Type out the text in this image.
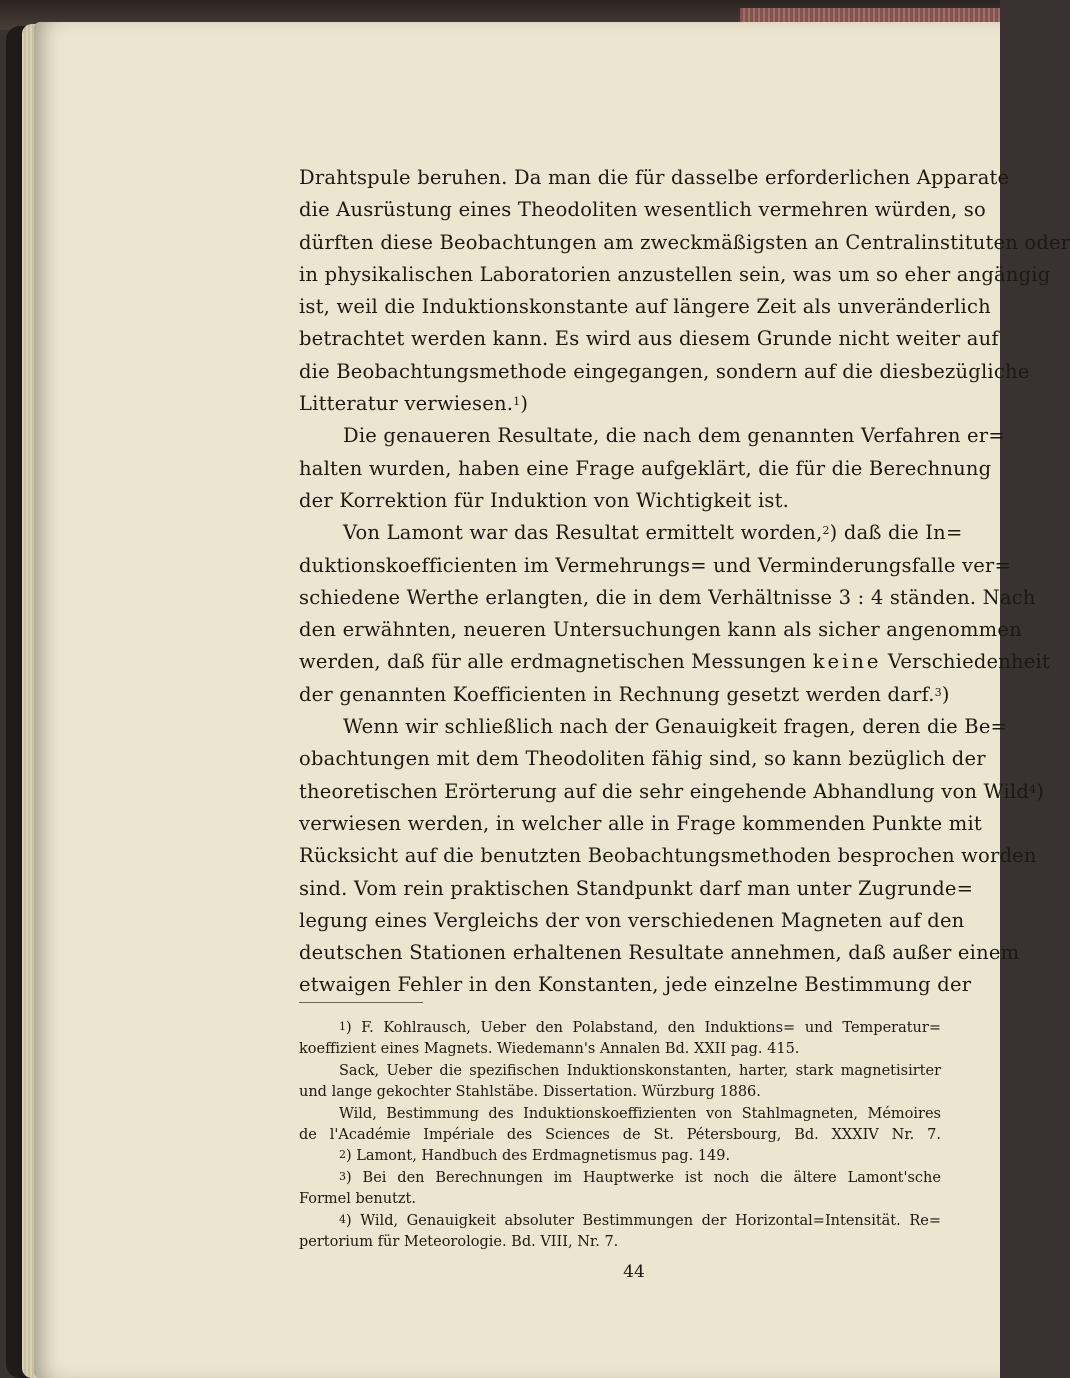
Drahtspule beruhen. Da man die für dasselbe erforderlichen Apparate
die Ausrüstung eines Theodoliten wesentlich vermehren würden, so
dürften diese Beobachtungen am zweckmäßigsten an Centralinstituten oder
in physikalischen Laboratorien anzustellen sein, was um so eher angängig
ist, weil die Induktionskonstante auf längere Zeit als unveränderlich
betrachtet werden kann. Es wird aus diesem Grunde nicht weiter auf
die Beobachtungsmethode eingegangen, sondern auf die diesbezügliche
Litteratur verwiesen.$^1$)
Die genaueren Resultate, die nach dem genannten Verfahren er=
halten wurden, haben eine Frage aufgeklärt, die für die Berechnung
der Korrektion für Induktion von Wichtigkeit ist.
Von Lamont war das Resultat ermittelt worden,$^2$) daß die In=
duktionskoefficienten im Vermehrungs= und Verminderungsfalle ver=
schiedene Werthe erlangten, die in dem Verhältnisse 3 : 4 ständen. Nach
den erwähnten, neueren Untersuchungen kann als sicher angenommen
werden, daß für alle erdmagnetischen Messungen keine Verschiedenheit
der genannten Koefficienten in Rechnung gesetzt werden darf.$^3$)
Wenn wir schließlich nach der Genauigkeit fragen, deren die Be=
obachtungen mit dem Theodoliten fähig sind, so kann bezüglich der
theoretischen Erörterung auf die sehr eingehende Abhandlung von Wild$^4$)
verwiesen werden, in welcher alle in Frage kommenden Punkte mit
Rücksicht auf die benutzten Beobachtungsmethoden besprochen worden
sind. Vom rein praktischen Standpunkt darf man unter Zugrunde=
legung eines Vergleichs der von verschiedenen Magneten auf den
deutschen Stationen erhaltenen Resultate annehmen, daß außer einem
etwaigen Fehler in den Konstanten, jede einzelne Bestimmung der
$^1$) F. Kohlrausch, Ueber den Polabstand, den Induktions= und Temperatur=
koeffizient eines Magnets. Wiedemann's Annalen Bd. XXII pag. 415.
Sack, Ueber die spezifischen Induktionskonstanten, harter, stark magnetisirter
und lange gekochter Stahlstäbe. Dissertation. Würzburg 1886.
Wild, Bestimmung des Induktionskoeffizienten von Stahlmagneten, Mémoires
de l'Académie Impériale des Sciences de St. Pétersbourg, Bd. XXXIV Nr. 7.
$^2$) Lamont, Handbuch des Erdmagnetismus pag. 149.
$^3$) Bei den Berechnungen im Hauptwerke ist noch die ältere Lamont'sche
Formel benutzt.
$^4$) Wild, Genauigkeit absoluter Bestimmungen der Horizontal=Intensität. Re=
pertorium für Meteorologie. Bd. VIII, Nr. 7.
44
